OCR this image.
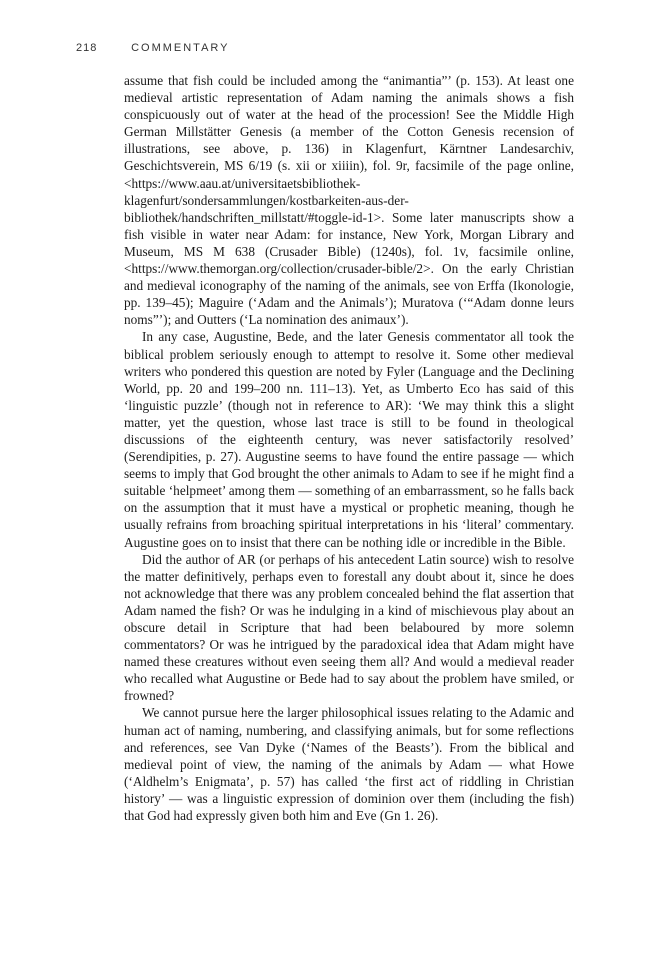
218	COMMENTARY

assume that fish could be included among the “animantia”’ (p. 153). At least one medieval artistic representation of Adam naming the animals shows a fish conspicuously out of water at the head of the procession! See the Middle High German Millstätter Genesis (a member of the Cotton Genesis recension of illustrations, see above, p. 136) in Klagenfurt, Kärntner Landesarchiv, Geschichtsverein, MS 6/19 (s. xii or xiiiin), fol. 9r, facsimile of the page online, <https://www.aau.at/universitaetsbibliothek-klagenfurt/sondersammlungen/kostbarkeiten-aus-der-bibliothek/handschriften_millstatt/#toggle-id-1>. Some later manuscripts show a fish visible in water near Adam: for instance, New York, Morgan Library and Museum, MS M 638 (Crusader Bible) (1240s), fol. 1v, facsimile online, <https://www.themorgan.org/collection/crusader-bible/2>. On the early Christian and medieval iconography of the naming of the animals, see von Erffa (Ikonologie, pp. 139–45); Maguire (‘Adam and the Animals’); Muratova (‘“Adam donne leurs noms”’); and Outters (‘La nomination des animaux’).

In any case, Augustine, Bede, and the later Genesis commentator all took the biblical problem seriously enough to attempt to resolve it. Some other medieval writers who pondered this question are noted by Fyler (Language and the Declining World, pp. 20 and 199–200 nn. 111–13). Yet, as Umberto Eco has said of this ‘linguistic puzzle’ (though not in reference to AR): ‘We may think this a slight matter, yet the question, whose last trace is still to be found in theological discussions of the eighteenth century, was never satisfactorily resolved’ (Serendipities, p. 27). Augustine seems to have found the entire passage — which seems to imply that God brought the other animals to Adam to see if he might find a suitable ‘helpmeet’ among them — something of an embarrassment, so he falls back on the assumption that it must have a mystical or prophetic meaning, though he usually refrains from broaching spiritual interpretations in his ‘literal’ commentary. Augustine goes on to insist that there can be nothing idle or incredible in the Bible.

Did the author of AR (or perhaps of his antecedent Latin source) wish to resolve the matter definitively, perhaps even to forestall any doubt about it, since he does not acknowledge that there was any problem concealed behind the flat assertion that Adam named the fish? Or was he indulging in a kind of mischievous play about an obscure detail in Scripture that had been belaboured by more solemn commentators? Or was he intrigued by the paradoxical idea that Adam might have named these creatures without even seeing them all? And would a medieval reader who recalled what Augustine or Bede had to say about the problem have smiled, or frowned?

We cannot pursue here the larger philosophical issues relating to the Adamic and human act of naming, numbering, and classifying animals, but for some reflections and references, see Van Dyke (‘Names of the Beasts’). From the biblical and medieval point of view, the naming of the animals by Adam — what Howe (‘Aldhelm’s Enigmata’, p. 57) has called ‘the first act of riddling in Christian history’ — was a linguistic expression of dominion over them (including the fish) that God had expressly given both him and Eve (Gn 1. 26).
